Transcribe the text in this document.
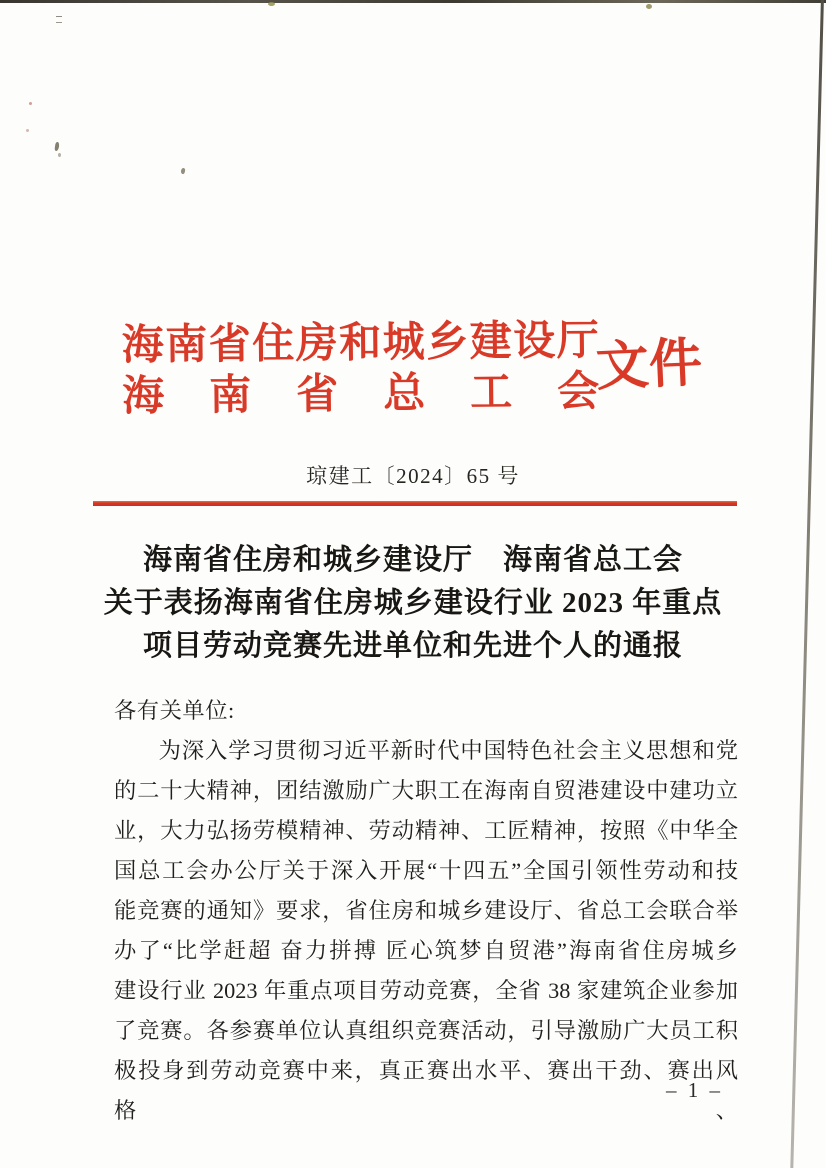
海南省住房和城乡建设厅
海　南　省　总　工　会
文件
琼建工〔2024〕65 号
海南省住房和城乡建设厅　海南省总工会
关于表扬海南省住房城乡建设行业 2023 年重点
项目劳动竞赛先进单位和先进个人的通报
各有关单位:
为深入学习贯彻习近平新时代中国特色社会主义思想和党
的二十大精神，团结激励广大职工在海南自贸港建设中建功立
业，大力弘扬劳模精神、劳动精神、工匠精神，按照《中华全
国总工会办公厅关于深入开展“十四五”全国引领性劳动和技
能竞赛的通知》要求，省住房和城乡建设厅、省总工会联合举
办了“比学赶超 奋力拼搏 匠心筑梦自贸港”海南省住房城乡
建设行业 2023 年重点项目劳动竞赛，全省 38 家建筑企业参加
了竞赛。各参赛单位认真组织竞赛活动，引导激励广大员工积
极投身到劳动竞赛中来，真正赛出水平、赛出干劲、赛出风格、
– 1 –
